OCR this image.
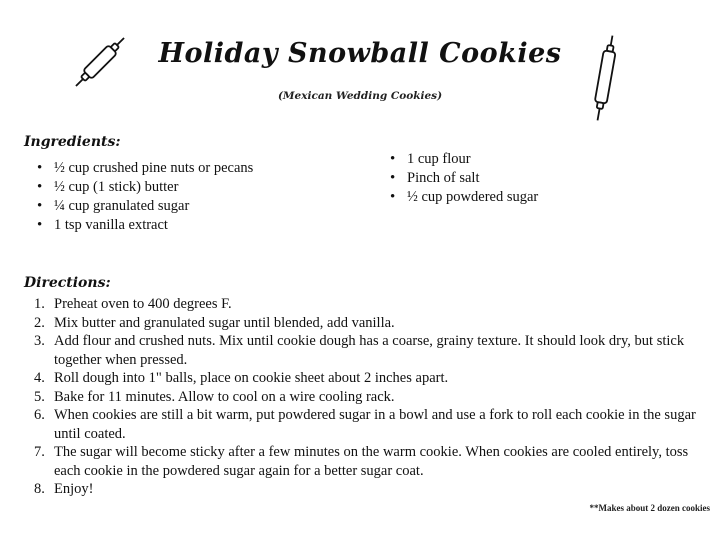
Holiday Snowball Cookies
(Mexican Wedding Cookies)
Ingredients:
• ½ cup crushed pine nuts or pecans
• ½ cup (1 stick) butter
• ¼ cup granulated sugar
• 1 tsp vanilla extract
• 1 cup flour
• Pinch of salt
• ½ cup powdered sugar
Directions:
1. Preheat oven to 400 degrees F.
2. Mix butter and granulated sugar until blended, add vanilla.
3. Add flour and crushed nuts. Mix until cookie dough has a coarse, grainy texture. It should look dry, but stick together when pressed.
4. Roll dough into 1" balls, place on cookie sheet about 2 inches apart.
5. Bake for 11 minutes. Allow to cool on a wire cooling rack.
6. When cookies are still a bit warm, put powdered sugar in a bowl and use a fork to roll each cookie in the sugar until coated.
7. The sugar will become sticky after a few minutes on the warm cookie. When cookies are cooled entirely, toss each cookie in the powdered sugar again for a better sugar coat.
8. Enjoy!
**Makes about 2 dozen cookies
